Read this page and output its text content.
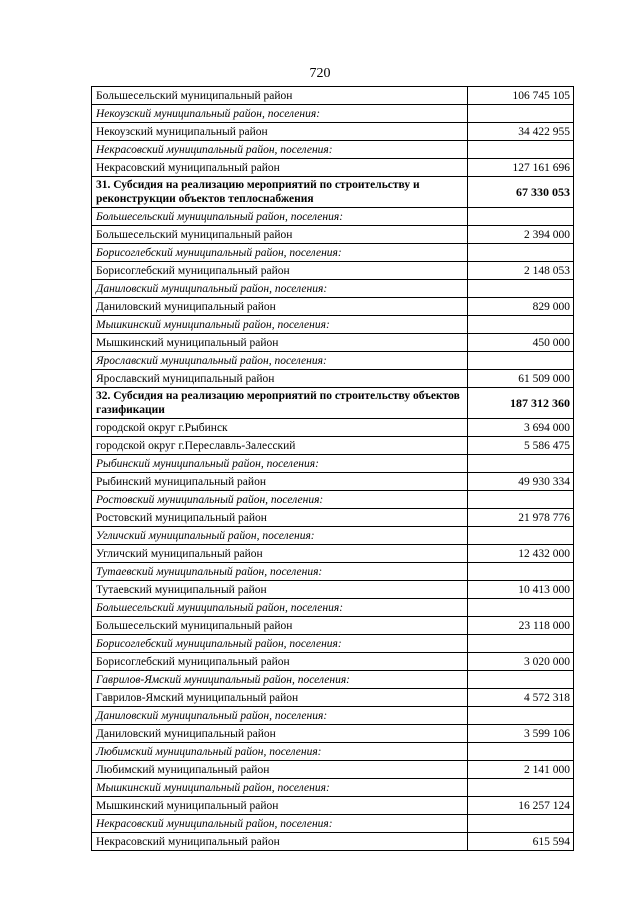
720
Большесельский муниципальный район	106 745 105
Некоузский муниципальный район, поселения:	
Некоузский муниципальный район	34 422 955
Некрасовский муниципальный район, поселения:	
Некрасовский муниципальный район	127 161 696
31. Субсидия на реализацию мероприятий по строительству и реконструкции объектов теплоснабжения	67 330 053
Большесельский муниципальный район, поселения:	
Большесельский муниципальный район	2 394 000
Борисоглебский муниципальный район, поселения:	
Борисоглебский муниципальный район	2 148 053
Даниловский муниципальный район, поселения:	
Даниловский муниципальный район	829 000
Мышкинский муниципальный район, поселения:	
Мышкинский муниципальный район	450 000
Ярославский муниципальный район, поселения:	
Ярославский муниципальный район	61 509 000
32. Субсидия на реализацию мероприятий по строительству объектов газификации	187 312 360
городской округ г.Рыбинск	3 694 000
городской округ г.Переславль-Залесский	5 586 475
Рыбинский муниципальный район, поселения:	
Рыбинский муниципальный район	49 930 334
Ростовский муниципальный район, поселения:	
Ростовский муниципальный район	21 978 776
Угличский муниципальный район, поселения:	
Угличский муниципальный район	12 432 000
Тутаевский муниципальный район, поселения:	
Тутаевский муниципальный район	10 413 000
Большесельский муниципальный район, поселения:	
Большесельский муниципальный район	23 118 000
Борисоглебский муниципальный район, поселения:	
Борисоглебский муниципальный район	3 020 000
Гаврилов-Ямский муниципальный район, поселения:	
Гаврилов-Ямский муниципальный район	4 572 318
Даниловский муниципальный район, поселения:	
Даниловский муниципальный район	3 599 106
Любимский муниципальный район, поселения:	
Любимский муниципальный район	2 141 000
Мышкинский муниципальный район, поселения:	
Мышкинский муниципальный район	16 257 124
Некрасовский муниципальный район, поселения:	
Некрасовский муниципальный район	615 594
